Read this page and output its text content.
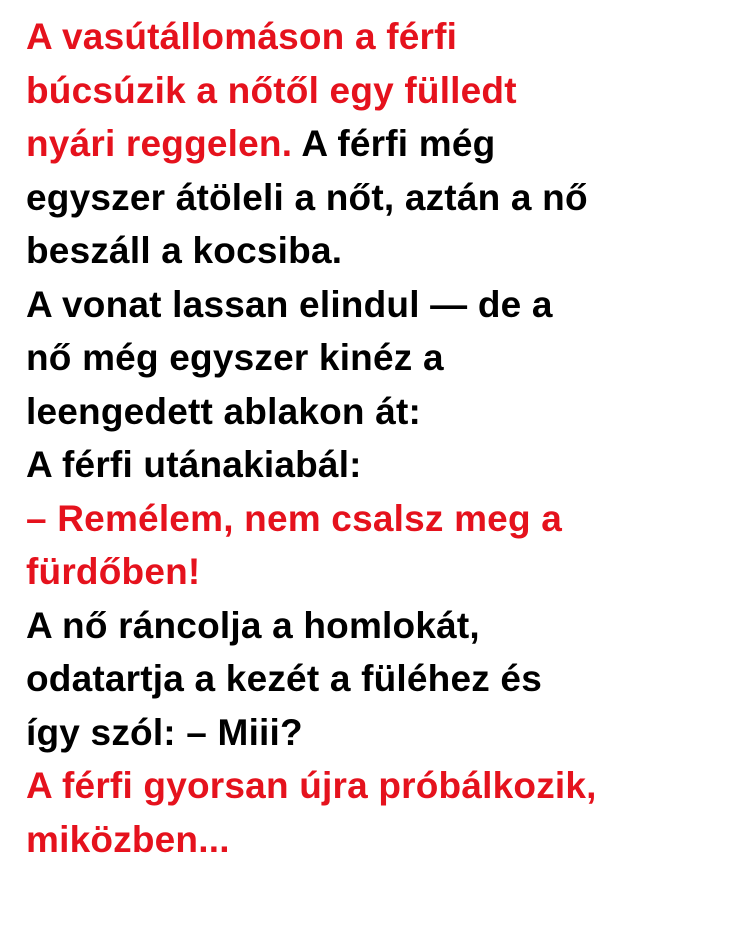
A vasútállomáson a férfi
búcsúzik a nőtől egy fülledt
nyári reggelen. A férfi még
egyszer átöleli a nőt, aztán a nő
beszáll a kocsiba.
A vonat lassan elindul — de a
nő még egyszer kinéz a
leengedett ablakon át:
A férfi utánakiabál:
– Remélem, nem csalsz meg a
fürdőben!
A nő ráncolja a homlokát,
odatartja a kezét a füléhez és
így szól: – Miii?
A férfi gyorsan újra próbálkozik,
miközben...
